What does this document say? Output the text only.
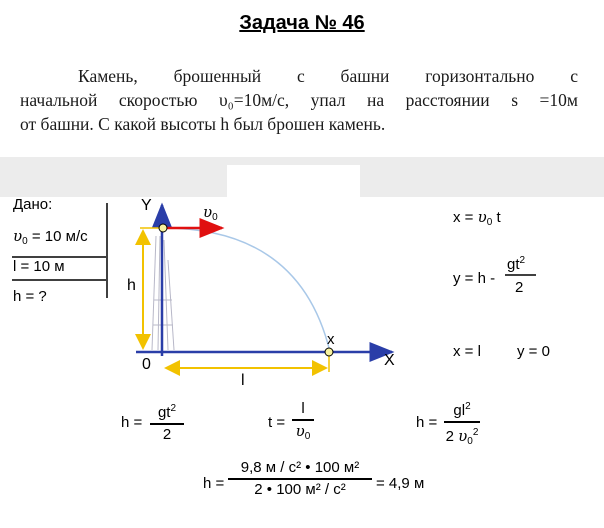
Задача № 46
Камень, брошенный с башни горизонтально с
начальной скоростью υ₀=10м/с, упал на расстоянии s =10м
от башни. С какой высоты h был брошен камень.
Дано:
$\upsilon_0 = 10$ м/с
l = 10 м
h = ?
Y
X
0
h
l
x
$\upsilon_0$	$x = \upsilon_0$ t
y = h -
$gt^2$
2
x = l y = 0
h =
$gt^2$
2
t =
l
$\upsilon_0$
h =
$gl^2$
2 $\upsilon_0^2$
h =
9,8 м / с² • 100 м²
2 • 100 м² / с²	= 4,9 м
